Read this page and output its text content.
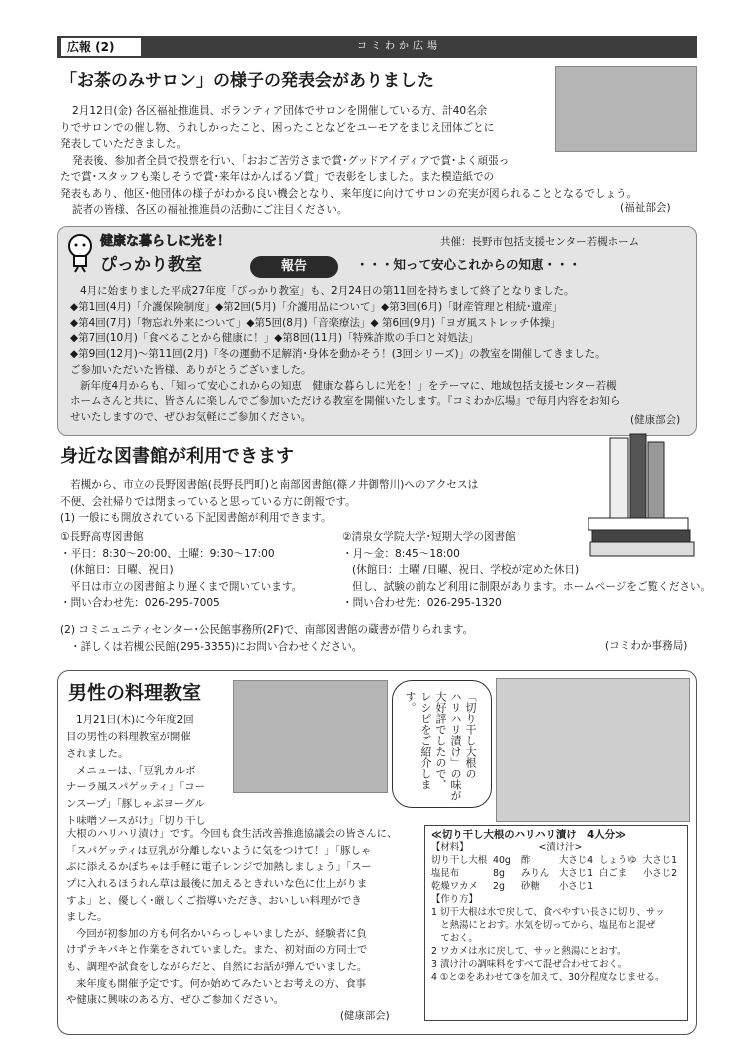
広報 (2)	コミわか広場
「お茶のみサロン」の様子の発表会がありました

2月12日(金) 各区福祉推進員、ボランティア団体でサロンを開催している方、計40名余

りでサロンでの催し物、うれしかったこと、困ったことなどをユーモアをまじえ団体ごとに

発表していただきました。

発表後、参加者全員で投票を行い、「おおご苦労さまで賞･グッドアイディアで賞･よく頑張っ

たで賞･スタッフも楽しそうで賞･来年はかんばるゾ賞」で表彰をしました。また模造紙での

発表もあり、他区･他団体の様子がわかる良い機会となり、来年度に向けてサロンの充実が図られることとなるでしょう。

読者の皆様、各区の福祉推進員の活動にご注目ください。	(福祉部会)
健康な暮らしに光を！
ぴっかり教室	報告
共催：長野市包括支援センター若槻ホーム
・・・知って安心これからの知恵・・・

4月に始まりました平成27年度「ぴっかり教室」も、2月24日の第11回を持ちまして終了となりました。

◆第1回(4月)「介護保険制度」◆第2回(5月)「介護用品について」◆第3回(6月)「財産管理と相続･遺産」

◆第4回(7月)「物忘れ外来について」◆第5回(8月)「音楽療法」◆ 第6回(9月)「ヨガ風ストレッチ体操」

◆第7回(10月)「食べることから健康に！」◆第8回(11月)「特殊詐欺の手口と対処法」

◆第9回(12月)～第11回(2月)「冬の運動不足解消･身体を動かそう！(3回シリーズ)」の教室を開催してきました。

ご参加いただいた皆様、ありがとうございました。

新年度4月からも、「知って安心これからの知恵　健康な暮らしに光を！」をテーマに、地域包括支援センター若槻

ホームさんと共に、皆さんに楽しんでご参加いただける教室を開催いたします。『コミわか広場』で毎月内容をお知ら

せいたしますので、ぜひお気軽にご参加ください。	(健康部会)
身近な図書館が利用できます

若槻から、市立の長野図書館(長野長門町)と南部図書館(篠ノ井御幣川)へのアクセスは

不便、会社帰りでは閉まっていると思っている方に朗報です。

(1) 一般にも開放されている下記図書館が利用できます。

①長野高専図書館

・平日：8:30～20:00、土曜：9:30～17:00

(休館日：日曜、祝日)

平日は市立の図書館より遅くまで開いています。

・問い合わせ先：026-295-7005

②清泉女学院大学･短期大学の図書館

・月～金：8:45～18:00

(休館日：土曜 /日曜、祝日、学校が定めた休日)

但し、試験の前など利用に制限があります。ホームページをご覧ください。

・問い合わせ先：026-295-1320

(2) コミニュニティセンター･公民館事務所(2F)で、南部図書館の蔵書が借りられます。

・詳しくは若槻公民館(295-3355)にお問い合わせください。	(コミわか事務局)
男性の料理教室	「切り干し大根の
ハリハリ漬け」の味が
大好評でしたので、
レシピをご紹介します。

1月21日(木)に今年度2回

目の男性の料理教室が開催

されました。

メニューは、「豆乳カルボ

ナーラ風スパゲッティ」「コー

ンスープ」「豚しゃぶヨーグル

ト味噌ソースがけ」「切り干し

大根のハリハリ漬け」です。今回も食生活改善推進協議会の皆さんに、

「スパゲッティは豆乳が分離しないように気をつけて！」「豚しゃ

ぶに添えるかぼちゃは手軽に電子レンジで加熱しましょう」「スー

プに入れるほうれん草は最後に加えるときれいな色に仕上がりま

すよ」と、優しく･厳しくご指導いただき、おいしい料理ができ

ました。

今回が初参加の方も何名かいらっしゃいましたが、経験者に負

けずテキパキと作業をされていました。また、初対面の方同士で

も、調理や試食をしながらだと、自然にお話が弾んでいました。

来年度も開催予定です。何か始めてみたいとお考えの方、食事

や健康に興味のある方、ぜひご参加ください。

(健康部会)

≪切り干し大根のハリハリ漬け　4人分≫

【材料】	<漬け汁>

切り干し大根 40g 酢	大さじ4 しょうゆ 大さじ1

塩昆布	8g みりん 大さじ1 白ごま 小さじ2

乾燥ワカメ 2g 砂糖 小さじ1

【作り方】

1 切干大根は水で戻して、食べやすい長さに切り、サッ

　と熱湯にとおす。水気を切ってから、塩昆布と混ぜ

　ておく。

2 ワカメは水に戻して、サッと熱湯にとおす。

3 漬け汁の調味料をすべて混ぜ合わせておく。

4 ①と②をあわせて③を加えて、30分程度なじませる。
